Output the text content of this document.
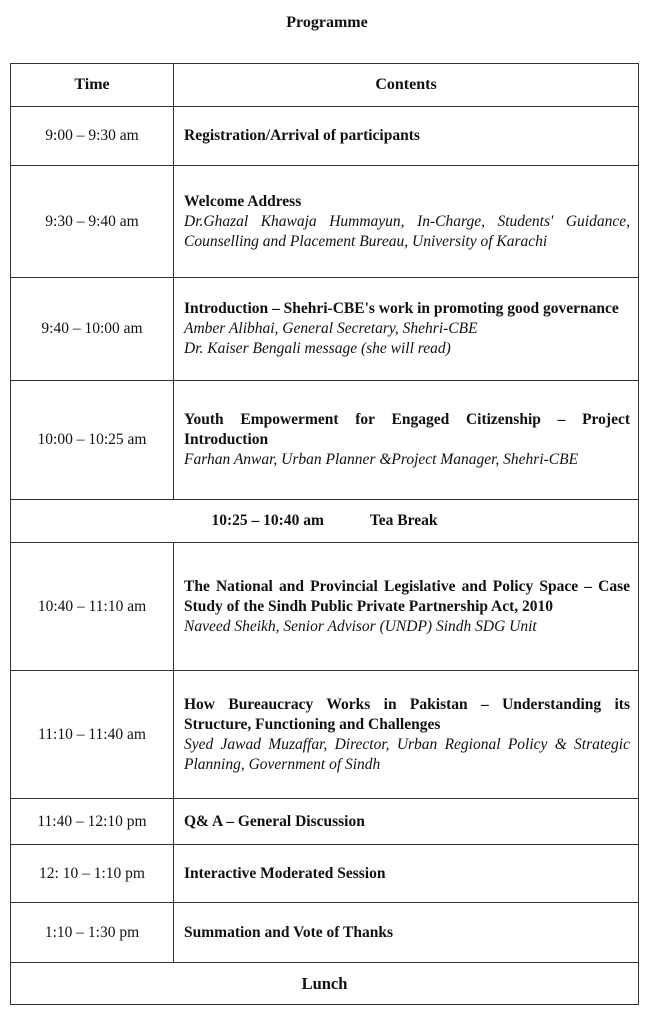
Programme
Time	Contents
9:00 – 9:30 am	Registration/Arrival of participants

9:30 – 9:40 am	Welcome Address
Dr.Ghazal Khawaja Hummayun, In-Charge, Students' Guidance, Counselling and Placement Bureau, University of Karachi

9:40 – 10:00 am	Introduction – Shehri-CBE's work in promoting good governance
Amber Alibhai, General Secretary, Shehri-CBE
Dr. Kaiser Bengali message (she will read)

10:00 – 10:25 am	Youth Empowerment for Engaged Citizenship – Project Introduction
Farhan Anwar, Urban Planner &Project Manager, Shehri-CBE

10:25 – 10:40 am Tea Break	
10:40 – 11:10 am	The National and Provincial Legislative and Policy Space – Case Study of the Sindh Public Private Partnership Act, 2010
Naveed Sheikh, Senior Advisor (UNDP) Sindh SDG Unit

11:10 – 11:40 am	How Bureaucracy Works in Pakistan – Understanding its Structure, Functioning and Challenges
Syed Jawad Muzaffar, Director, Urban Regional Policy & Strategic Planning, Government of Sindh

11:40 – 12:10 pm	Q& A – General Discussion

12: 10 – 1:10 pm	Interactive Moderated Session

1:10 – 1:30 pm	Summation and Vote of Thanks

Lunch	
